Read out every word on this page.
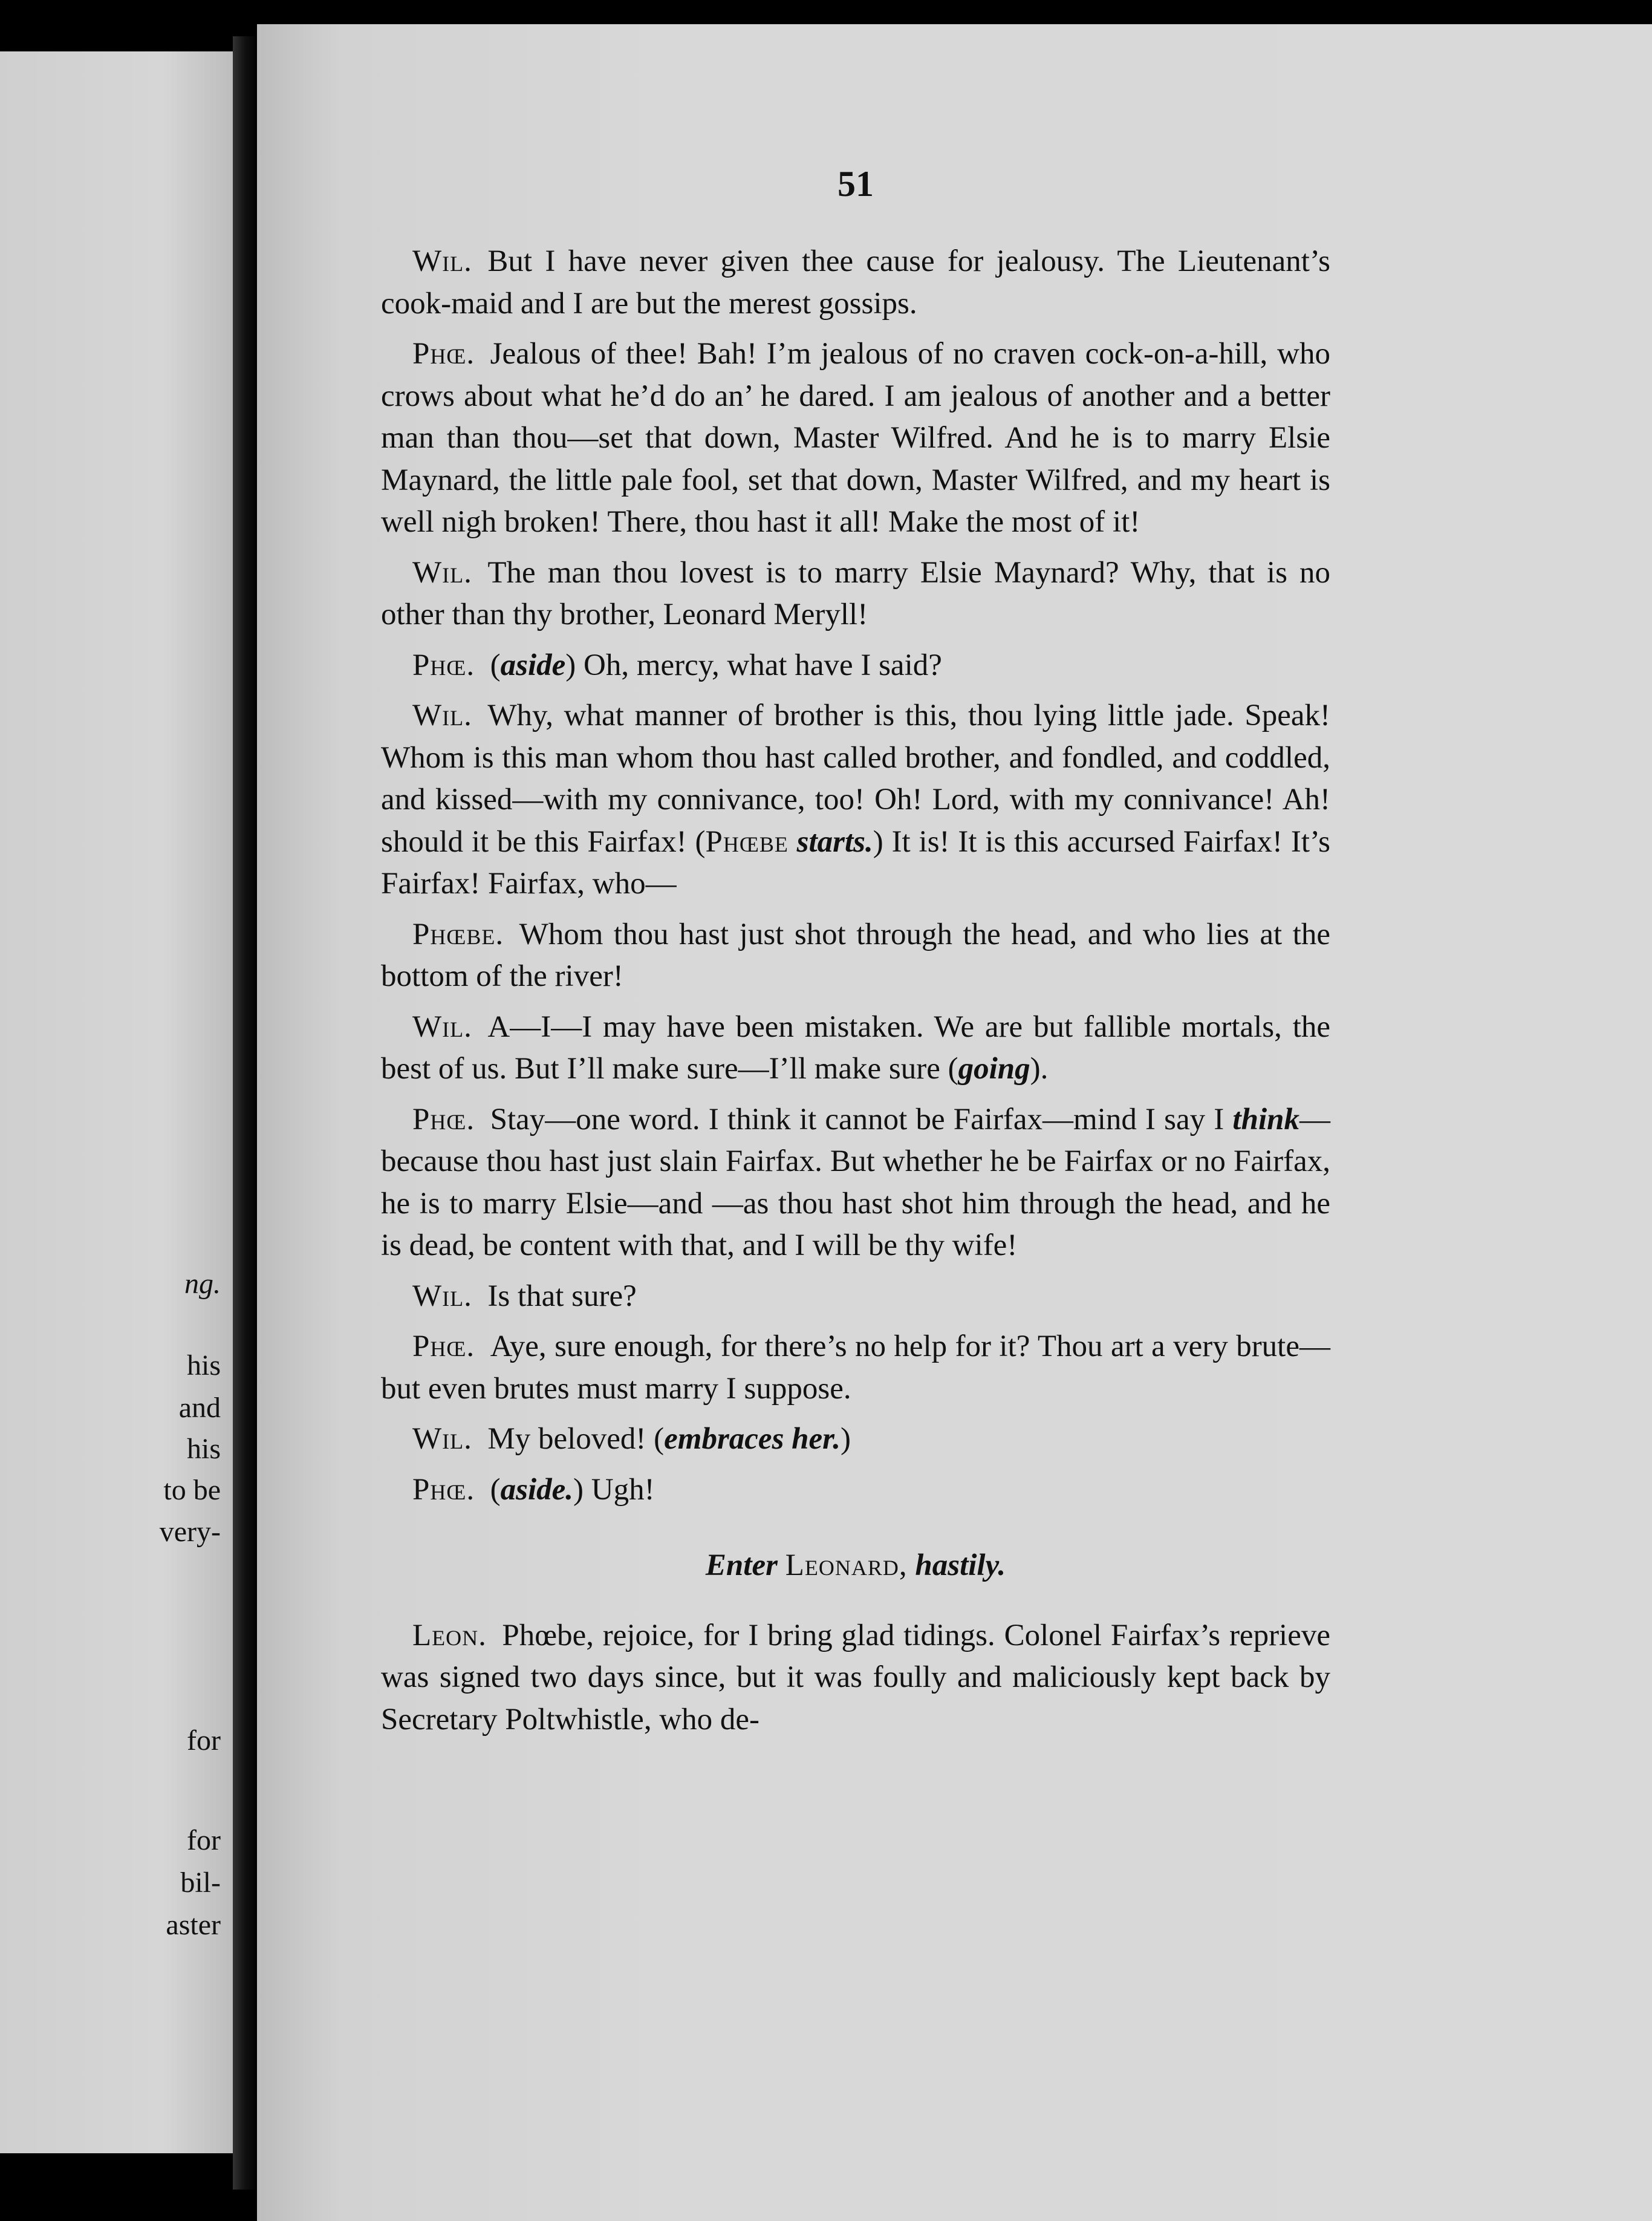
ng.
his
and
his
to be
very-
for
for
bil-
aster
51

Wil.  But I have never given thee cause for jealousy. The Lieutenant’s cook-maid and I are but the merest gossips.

Phœ.  Jealous of thee! Bah! I’m jealous of no craven cock-on-a-hill, who crows about what he’d do an’ he dared. I am jealous of another and a better man than thou—set that down, Master Wilfred. And he is to marry Elsie Maynard, the little pale fool, set that down, Master Wilfred, and my heart is well nigh broken! There, thou hast it all! Make the most of it!

Wil.  The man thou lovest is to marry Elsie Maynard? Why, that is no other than thy brother, Leonard Meryll!

Phœ.  (aside) Oh, mercy, what have I said?

Wil.  Why, what manner of brother is this, thou lying little jade. Speak! Whom is this man whom thou hast called brother, and fondled, and coddled, and kissed—with my connivance, too! Oh! Lord, with my connivance! Ah! should it be this Fairfax! (Phœbe starts.) It is! It is this accursed Fairfax! It’s Fairfax! Fairfax, who—

Phœbe.  Whom thou hast just shot through the head, and who lies at the bottom of the river!

Wil.  A—I—I may have been mistaken. We are but fallible mortals, the best of us. But I’ll make sure—I’ll make sure (going).

Phœ.  Stay—one word. I think it cannot be Fairfax—mind I say I think—because thou hast just slain Fairfax. But whether he be Fairfax or no Fairfax, he is to marry Elsie—and —as thou hast shot him through the head, and he is dead, be content with that, and I will be thy wife!

Wil.  Is that sure?

Phœ.  Aye, sure enough, for there’s no help for it? Thou art a very brute—but even brutes must marry I suppose.

Wil.  My beloved! (embraces her.)

Phœ.  (aside.) Ugh!

Enter Leonard, hastily.

Leon.  Phœbe, rejoice, for I bring glad tidings. Colonel Fairfax’s reprieve was signed two days since, but it was foully and maliciously kept back by Secretary Poltwhistle, who de-
